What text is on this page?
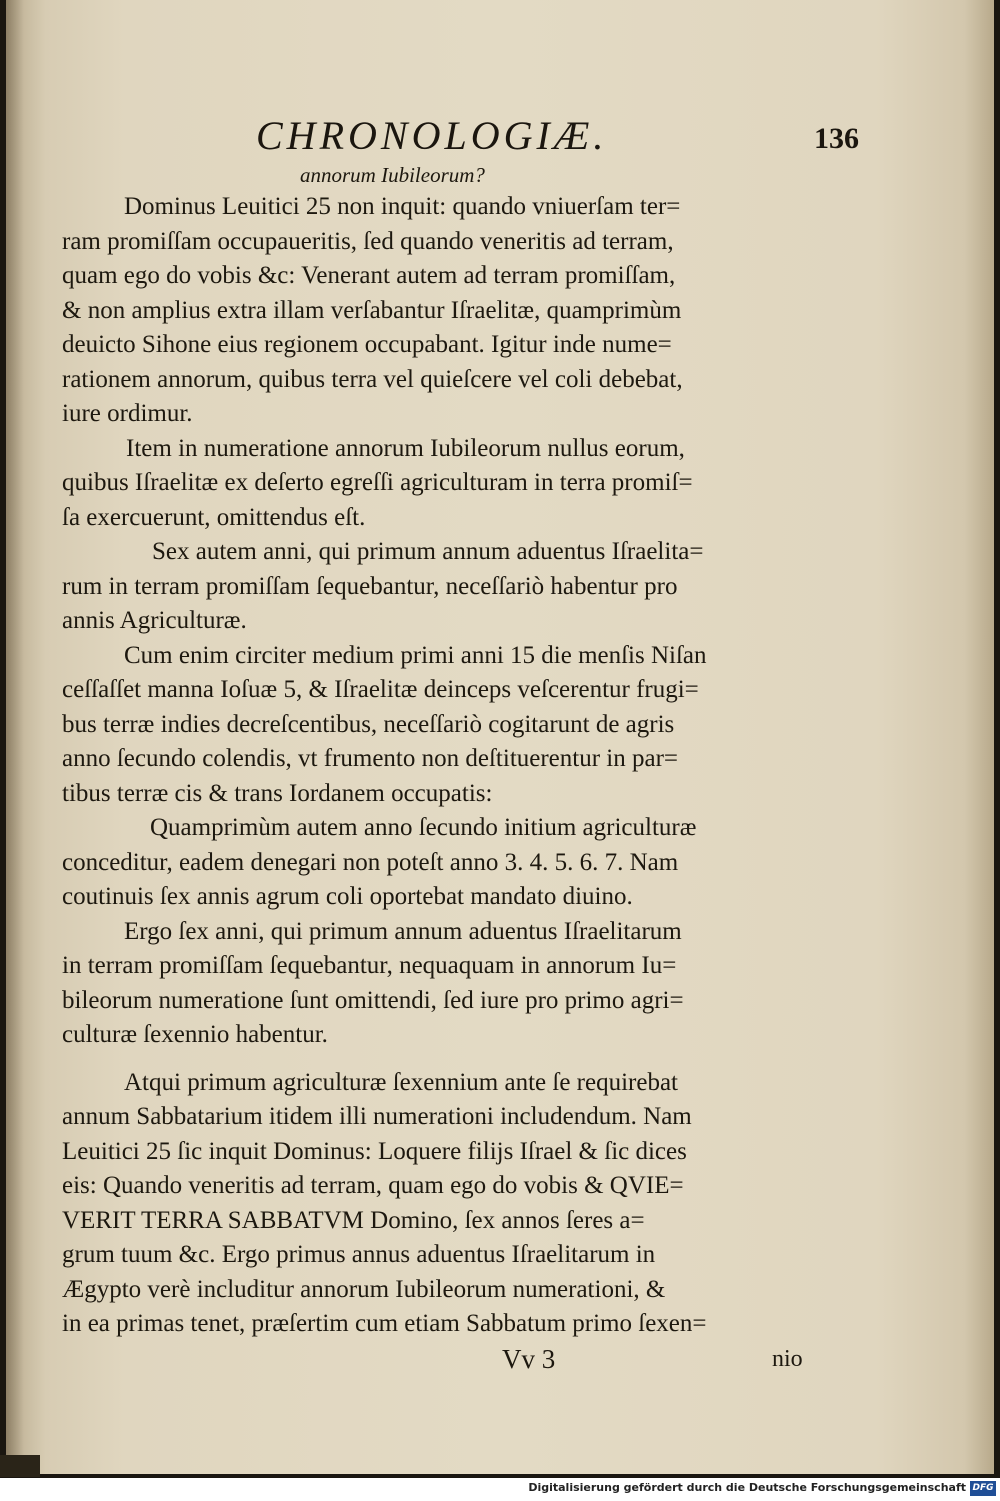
CHRONOLOGIÆ.	136
annorum Iubileorum?
Dominus Leuitici 25 non inquit: quando vniuerſam ter=
ram promiſſam occupaueritis, ſed quando veneritis ad terram,
quam ego do vobis &c: Venerant autem ad terram promiſſam,
& non amplius extra illam verſabantur Iſraelitæ, quamprimùm
deuicto Sihone eius regionem occupabant. Igitur inde nume=
rationem annorum, quibus terra vel quieſcere vel coli debebat,
iure ordimur.
Item in numeratione annorum Iubileorum nullus eorum,
quibus Iſraelitæ ex deſerto egreſſi agriculturam in terra promiſ=
ſa exercuerunt, omittendus eſt.
Sex autem anni, qui primum annum aduentus Iſraelita=
rum in terram promiſſam ſequebantur, neceſſariò habentur pro
annis Agriculturæ.
Cum enim circiter medium primi anni 15 die menſis Niſan
ceſſaſſet manna Ioſuæ 5, & Iſraelitæ deinceps veſcerentur frugi=
bus terræ indies decreſcentibus, neceſſariò cogitarunt de agris
anno ſecundo colendis, vt frumento non deſtituerentur in par=
tibus terræ cis & trans Iordanem occupatis:
Quamprimùm autem anno ſecundo initium agriculturæ
conceditur, eadem denegari non poteſt anno 3. 4. 5. 6. 7. Nam
coutinuis ſex annis agrum coli oportebat mandato diuino.
Ergo ſex anni, qui primum annum aduentus Iſraelitarum
in terram promiſſam ſequebantur, nequaquam in annorum Iu=
bileorum numeratione ſunt omittendi, ſed iure pro primo agri=
culturæ ſexennio habentur.
Atqui primum agriculturæ ſexennium ante ſe requirebat
annum Sabbatarium itidem illi numerationi includendum. Nam
Leuitici 25 ſic inquit Dominus: Loquere filijs Iſrael & ſic dices
eis: Quando veneritis ad terram, quam ego do vobis & QVIE=
VERIT TERRA SABBATVM Domino, ſex annos ſeres a=
grum tuum &c. Ergo primus annus aduentus Iſraelitarum in
Ægypto verè includitur annorum Iubileorum numerationi, &
in ea primas tenet, præſertim cum etiam Sabbatum primo ſexen=
Vv 3	nio
Digitalisierung gefördert durch die Deutsche Forschungsgemeinschaft DFG
